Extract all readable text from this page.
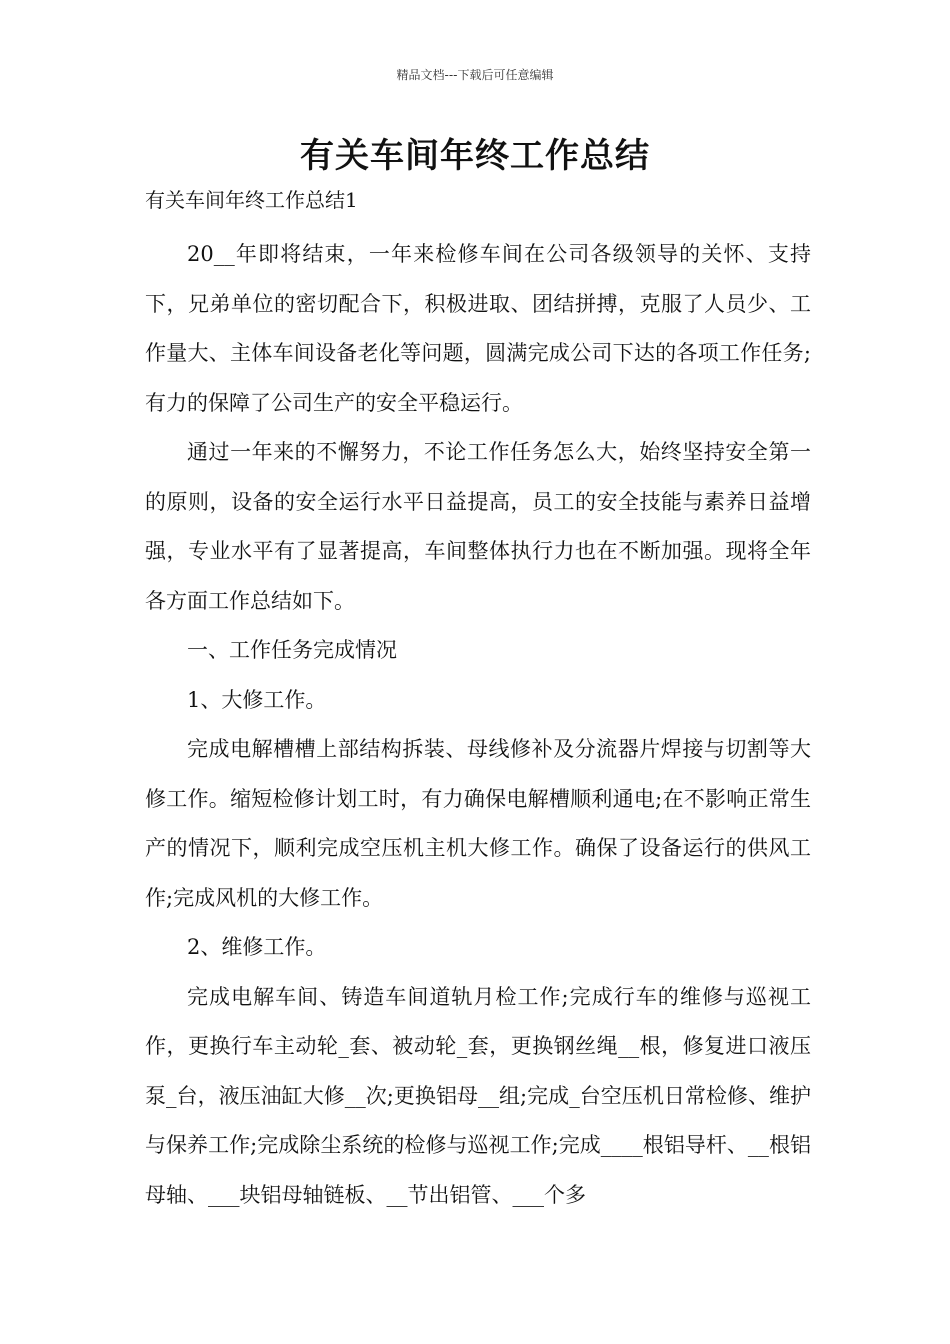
精品文档---下载后可任意编辑
有关车间年终工作总结

有关车间年终工作总结1

20__年即将结束，一年来检修车间在公司各级领导的关怀、支持下，兄弟单位的密切配合下，积极进取、团结拼搏，克服了人员少、工作量大、主体车间设备老化等问题，圆满完成公司下达的各项工作任务;有力的保障了公司生产的安全平稳运行。

通过一年来的不懈努力，不论工作任务怎么大，始终坚持安全第一的原则，设备的安全运行水平日益提高，员工的安全技能与素养日益增强，专业水平有了显著提高，车间整体执行力也在不断加强。现将全年各方面工作总结如下。

一、工作任务完成情况

1、大修工作。

完成电解槽槽上部结构拆装、母线修补及分流器片焊接与切割等大修工作。缩短检修计划工时，有力确保电解槽顺利通电;在不影响正常生产的情况下，顺利完成空压机主机大修工作。确保了设备运行的供风工作;完成风机的大修工作。

2、维修工作。

完成电解车间、铸造车间道轨月检工作;完成行车的维修与巡视工作，更换行车主动轮_套、被动轮_套，更换钢丝绳__根，修复进口液压泵_台，液压油缸大修__次;更换铝母__组;完成_台空压机日常检修、维护与保养工作;完成除尘系统的检修与巡视工作;完成____根铝导杆、__根铝母轴、___块铝母轴链板、__节出铝管、___个多
